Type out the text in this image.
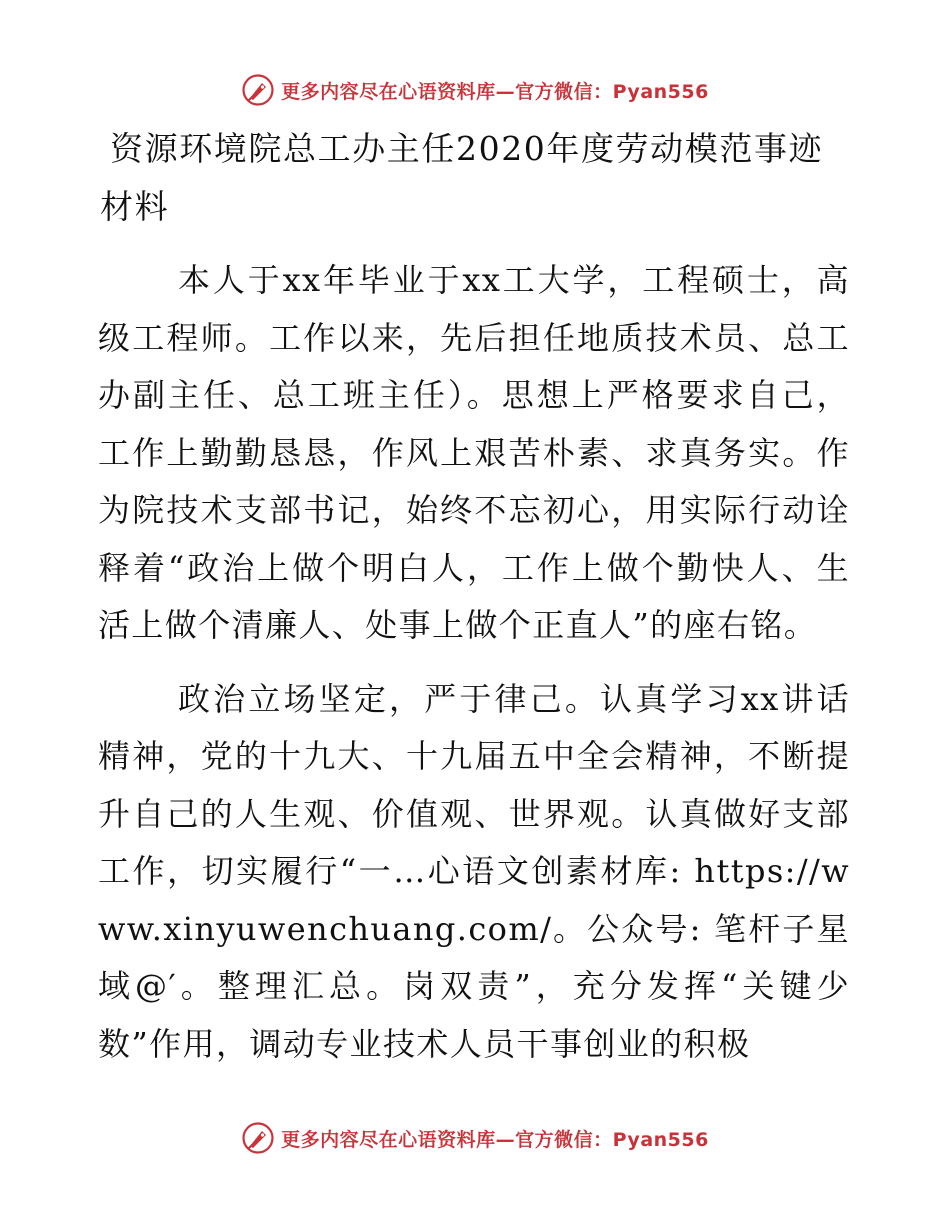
更多内容尽在心语资料库—官方微信：Pyan556
资源环境院总工办主任2020年度劳动模范事迹材料

本人于xx年毕业于xx工大学，工程硕士，高级工程师。工作以来，先后担任地质技术员、总工办副主任、总工班主任）。思想上严格要求自己，工作上勤勤恳恳，作风上艰苦朴素、求真务实。作为院技术支部书记，始终不忘初心，用实际行动诠释着“政治上做个明白人，工作上做个勤快人、生活上做个清廉人、处事上做个正直人”的座右铭。

政治立场坚定，严于律己。认真学习xx讲话精神，党的十九大、十九届五中全会精神，不断提升自己的人生观、价值观、世界观。认真做好支部工作，切实履行“一…心语文创素材库: https://www.xinyuwenchuang.com/。公众号: 笔杆子星域@′。整理汇总。岗双责”，充分发挥“关键少数”作用，调动专业技术人员干事创业的积极

更多内容尽在心语资料库—官方微信：Pyan556
